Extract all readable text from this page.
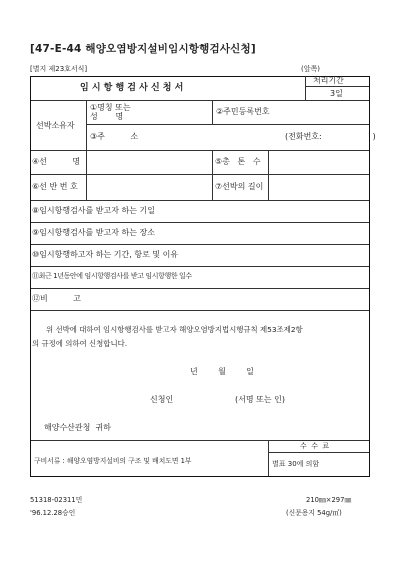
[47-E-44 해양오염방지설비임시항행검사신청]
[별지 제23호서식]	(앞쪽)
임 시 항 행 검 사 신 청 서
처리기간
3일
선박소유자
①명칭 또는
성       명
②주민등록번호
③주          소	(전화번호:                    )
④선          명	⑤총   톤   수
⑥선 반 번 호	⑦선박의 길이
⑧임시항행검사를 받고자 하는 기일
⑨임시항행검사를 받고자 하는 장소
⑩임시항행하고자 하는 기간, 항로 및 이유
⑪최근 1년동안에 임시항행검사를 받고 임시항행한 일수
⑫비          고
위 선박에 대하여 임시항행검사를 받고자 해양오염방지법시행규칙 제53조제2항
의 규정에 의하여 신청합니다.
년        월        일
신청인	(서명 또는 인)
해양수산관청  귀하
구비서류 : 해양오염방지설비의 구조 및 배치도면 1부
수  수  료
별표 30에 의함
51318-02311민
'96.12.28승인
210㎜×297㎜
(신문용지 54g/㎡)
